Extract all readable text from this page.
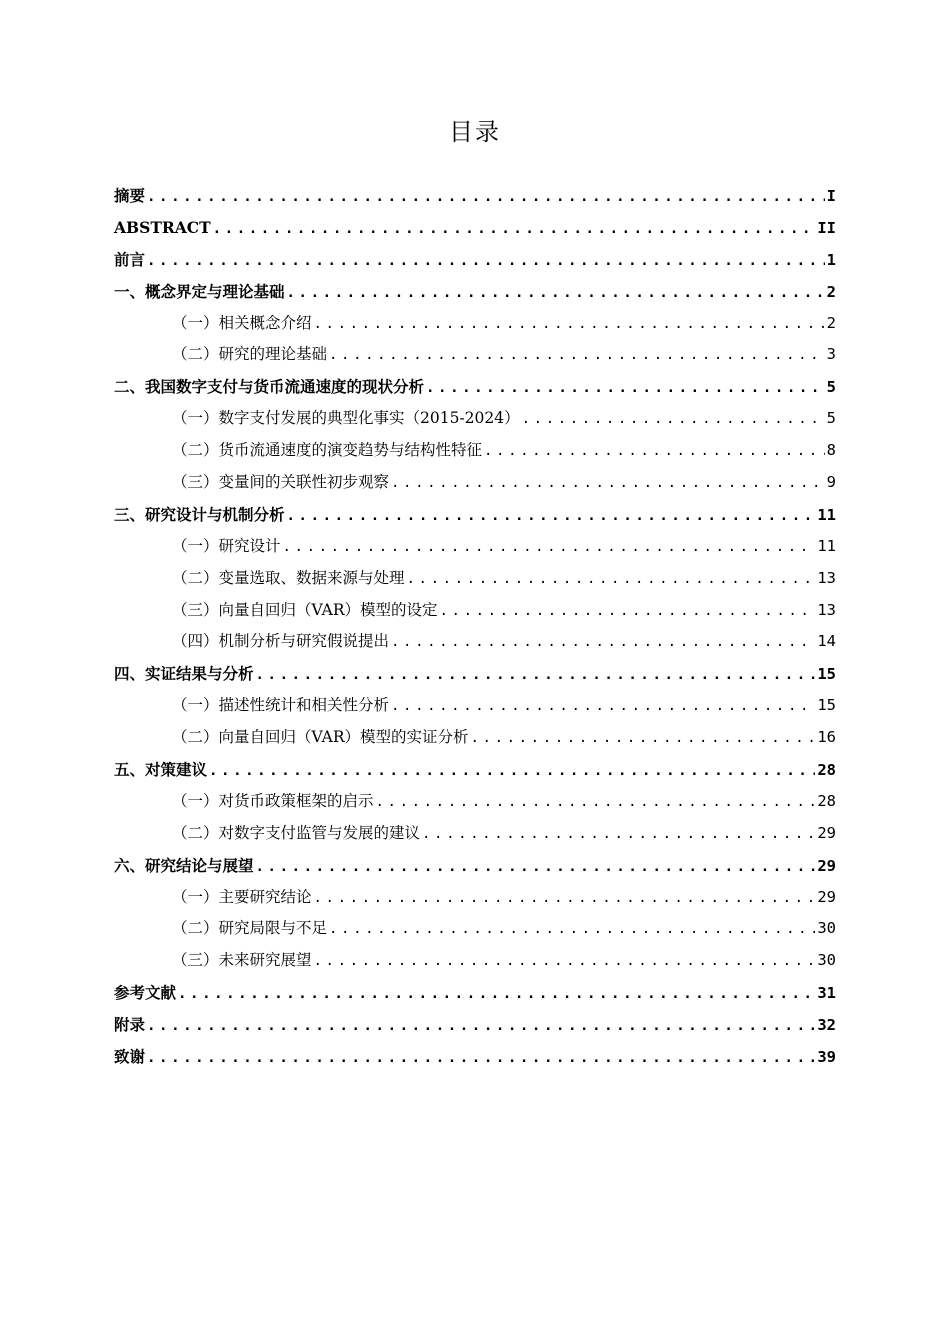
目录
摘要 .....	I
ABSTRACT .....	II
前言 .....	1
一、概念界定与理论基础 .....	2
（一）相关概念介绍 .....	2
（二）研究的理论基础 .....	3
二、我国数字支付与货币流通速度的现状分析 .....	5
（一）数字支付发展的典型化事实（2015-2024） .....	5
（二）货币流通速度的演变趋势与结构性特征 .....	8
（三）变量间的关联性初步观察 .....	9
三、研究设计与机制分析 .....	11
（一）研究设计 .....	11
（二）变量选取、数据来源与处理 .....	13
（三）向量自回归（VAR）模型的设定 .....	13
（四）机制分析与研究假说提出 .....	14
四、实证结果与分析 .....	15
（一）描述性统计和相关性分析 .....	15
（二）向量自回归（VAR）模型的实证分析 .....	16
五、对策建议 .....	28
（一）对货币政策框架的启示 .....	28
（二）对数字支付监管与发展的建议 .....	29
六、研究结论与展望 .....	29
（一）主要研究结论 .....	29
（二）研究局限与不足 .....	30
（三）未来研究展望 .....	30
参考文献 .....	31
附录 .....	32
致谢 .....	39
